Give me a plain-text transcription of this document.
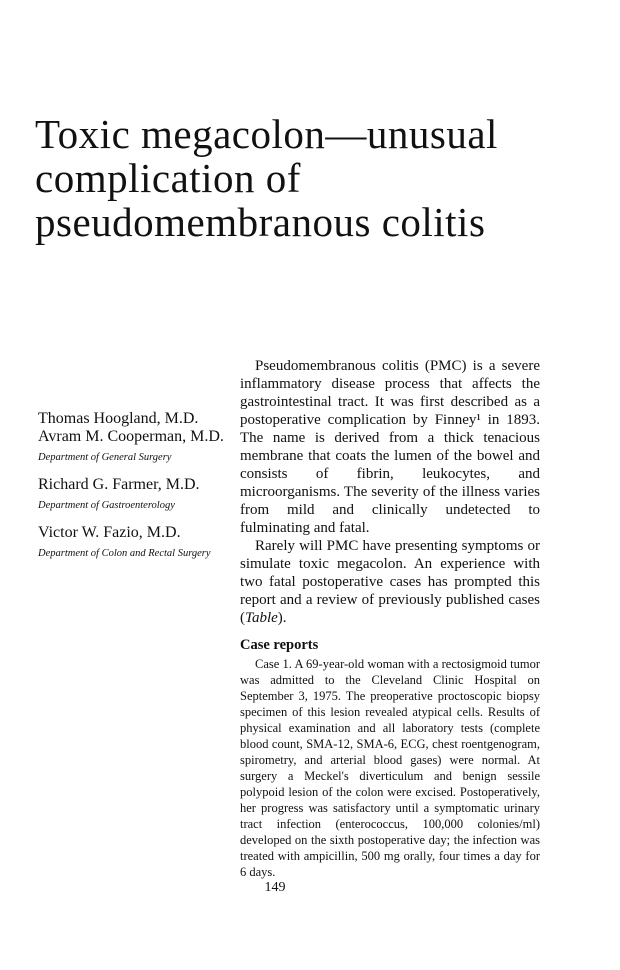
Toxic megacolon—unusual
complication of
pseudomembranous colitis

Thomas Hoogland, M.D.

Avram M. Cooperman, M.D.

Department of General Surgery

Richard G. Farmer, M.D.

Department of Gastroenterology

Victor W. Fazio, M.D.

Department of Colon and Rectal Surgery

Pseudomembranous colitis (PMC) is a severe inflammatory disease process that affects the gastrointestinal tract. It was first described as a postoperative complication by Finney¹ in 1893. The name is derived from a thick tenacious membrane that coats the lumen of the bowel and consists of fibrin, leukocytes, and microorganisms. The severity of the illness varies from mild and clinically undetected to fulminating and fatal.

Rarely will PMC have presenting symptoms or simulate toxic megacolon. An experience with two fatal postoperative cases has prompted this report and a review of previously published cases (Table).

Case reports

Case 1. A 69-year-old woman with a rectosigmoid tumor was admitted to the Cleveland Clinic Hospital on September 3, 1975. The preoperative proctoscopic biopsy specimen of this lesion revealed atypical cells. Results of physical examination and all laboratory tests (complete blood count, SMA-12, SMA-6, ECG, chest roentgenogram, spirometry, and arterial blood gases) were normal. At surgery a Meckel's diverticulum and benign sessile polypoid lesion of the colon were excised. Postoperatively, her progress was satisfactory until a symptomatic urinary tract infection (enterococcus, 100,000 colonies/ml) developed on the sixth postoperative day; the infection was treated with ampicillin, 500 mg orally, four times a day for 6 days.

149
